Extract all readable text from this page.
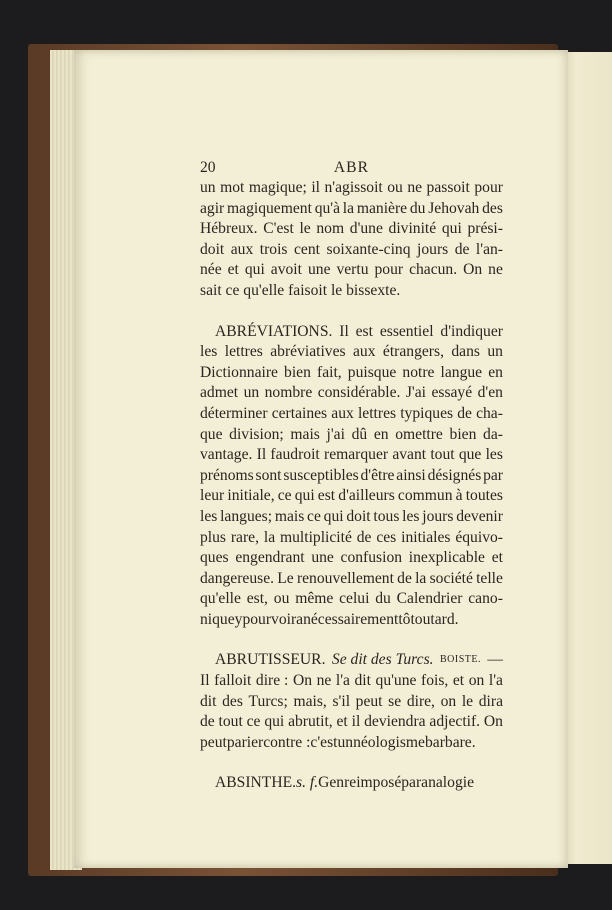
20	ABR
un mot magique; il n'agissoit ou ne passoit pour
agir magiquement qu'à la manière du Jehovah des
Hébreux. C'est le nom d'une divinité qui prési-
doit aux trois cent soixante-cinq jours de l'an-
née et qui avoit une vertu pour chacun. On ne
sait ce qu'elle faisoit le bissexte.
ABRÉVIATIONS. Il est essentiel d'indiquer
les lettres abréviatives aux étrangers, dans un
Dictionnaire bien fait, puisque notre langue en
admet un nombre considérable. J'ai essayé d'en
déterminer certaines aux lettres typiques de cha-
que division; mais j'ai dû en omettre bien da-
vantage. Il faudroit remarquer avant tout que les
prénoms sont susceptibles d'être ainsi désignés par
leur initiale, ce qui est d'ailleurs commun à toutes
les langues; mais ce qui doit tous les jours devenir
plus rare, la multiplicité de ces initiales équivo-
ques engendrant une confusion inexplicable et
dangereuse. Le renouvellement de la société telle
qu'elle est, ou même celui du Calendrier cano-
nique y pourvoira nécessairement tôt ou tard.
ABRUTISSEUR. Se dit des Turcs. BOISTE. —
Il falloit dire : On ne l'a dit qu'une fois, et on l'a
dit des Turcs; mais, s'il peut se dire, on le dira
de tout ce qui abrutit, et il deviendra adjectif. On
peut parier contre : c'est un néologisme barbare.
ABSINTHE. s. f. Genre imposé par analogie
